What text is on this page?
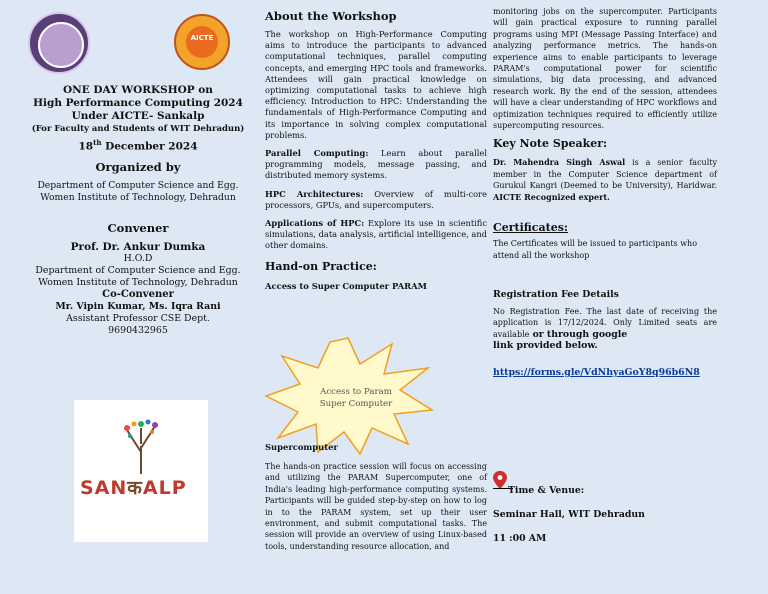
AICTE
ONE DAY WORKSHOP on
High Performance Computing 2024
Under AICTE- Sankalp
(For Faculty and Students of WIT Dehradun)
18th December 2024
Organized by
Department of Computer Science and Egg.
Women Institute of Technology, Dehradun
Convener
Prof. Dr. Ankur Dumka
H.O.D
Department of Computer Science and Egg.
Women Institute of Technology, Dehradun
Co-Convener
Mr. Vipin Kumar, Ms. Iqra Rani
Assistant Professor CSE Dept.
9690432965
SANकALP
About the Workshop
The workshop on High-Performance Computing aims to introduce the participants to advanced computational techniques, parallel computing concepts, and emerging HPC tools and frameworks. Attendees will gain practical knowledge on optimizing computational tasks to achieve high efficiency. Introduction to HPC: Understanding the fundamentals of High-Performance Computing and its importance in solving complex computational problems.
Parallel Computing: Learn about parallel programming models, message passing, and distributed memory systems.
HPC Architectures: Overview of multi-core processors, GPUs, and supercomputers.
Applications of HPC: Explore its use in scientific simulations, data analysis, artificial intelligence, and other domains.
Hand-on Practice:
Access to Super Computer PARAM
Access to Param
Super Computer
Supercomputer
The hands-on practice session will focus on accessing and utilizing the PARAM Supercomputer, one of India's leading high-performance computing systems. Participants will be guided step-by-step on how to log in to the PARAM system, set up their user environment, and submit computational tasks. The session will provide an overview of using Linux-based tools, understanding resource allocation, and
monitoring jobs on the supercomputer. Participants will gain practical exposure to running parallel programs using MPI (Message Passing Interface) and analyzing performance metrics. The hands-on experience aims to enable participants to leverage PARAM's computational power for scientific simulations, big data processing, and advanced research work. By the end of the session, attendees will have a clear understanding of HPC workflows and optimization techniques required to efficiently utilize supercomputing resources.
Key Note Speaker:
Dr. Mahendra Singh Aswal is a senior faculty member in the Computer Science department of Gurukul Kangri (Deemed to be University), Haridwar. AICTE Recognized expert.
Certificates:
The Certificates will be issued to participants who attend all the workshop
Registration Fee Details
No Registration Fee. The last date of receiving the application is 17/12/2024. Only Limited seats are available or through google
link provided below.
https://forms.gle/VdNhyaGoY8q96b6N8
Time & Venue:
Seminar Hall, WIT Dehradun
11 :00 AM
